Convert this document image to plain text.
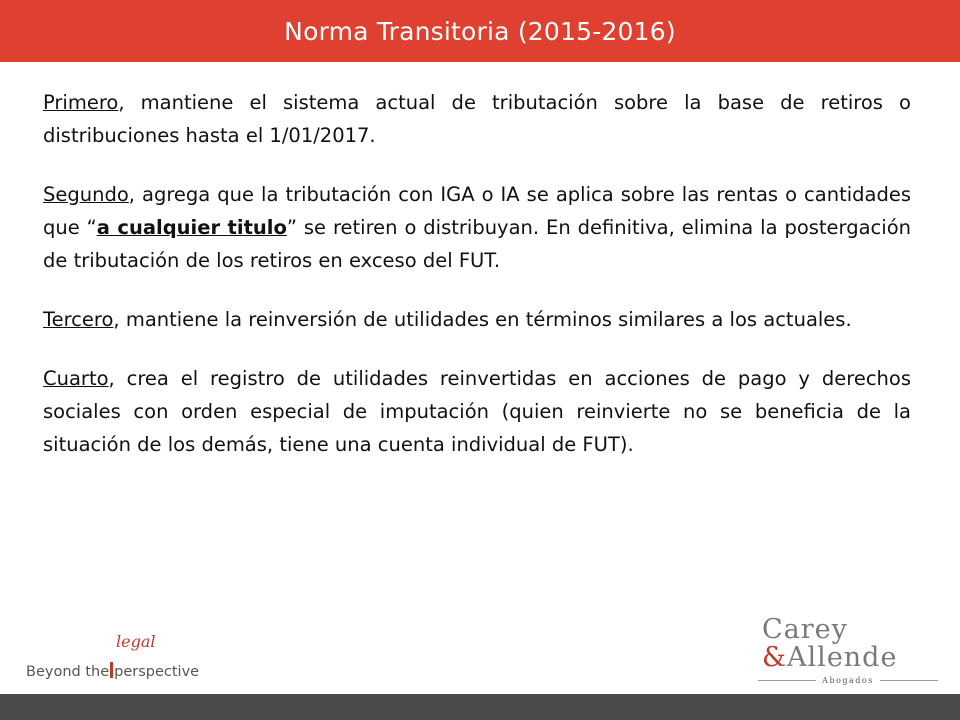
Norma Transitoria (2015-2016)

Primero, mantiene el sistema actual de tributación sobre la base de retiros o distribuciones hasta el 1/01/2017.

Segundo, agrega que la tributación con IGA o IA se aplica sobre las rentas o cantidades que “a cualquier titulo” se retiren o distribuyan. En definitiva, elimina la postergación de tributación de los retiros en exceso del FUT.

Tercero, mantiene la reinversión de utilidades en términos similares a los actuales.

Cuarto, crea el registro de utilidades reinvertidas en acciones de pago y derechos sociales con orden especial de imputación (quien reinvierte no se beneficia de la situación de los demás, tiene una cuenta individual de FUT).

legal
Beyond the perspective
Carey
&Allende
Abogados
